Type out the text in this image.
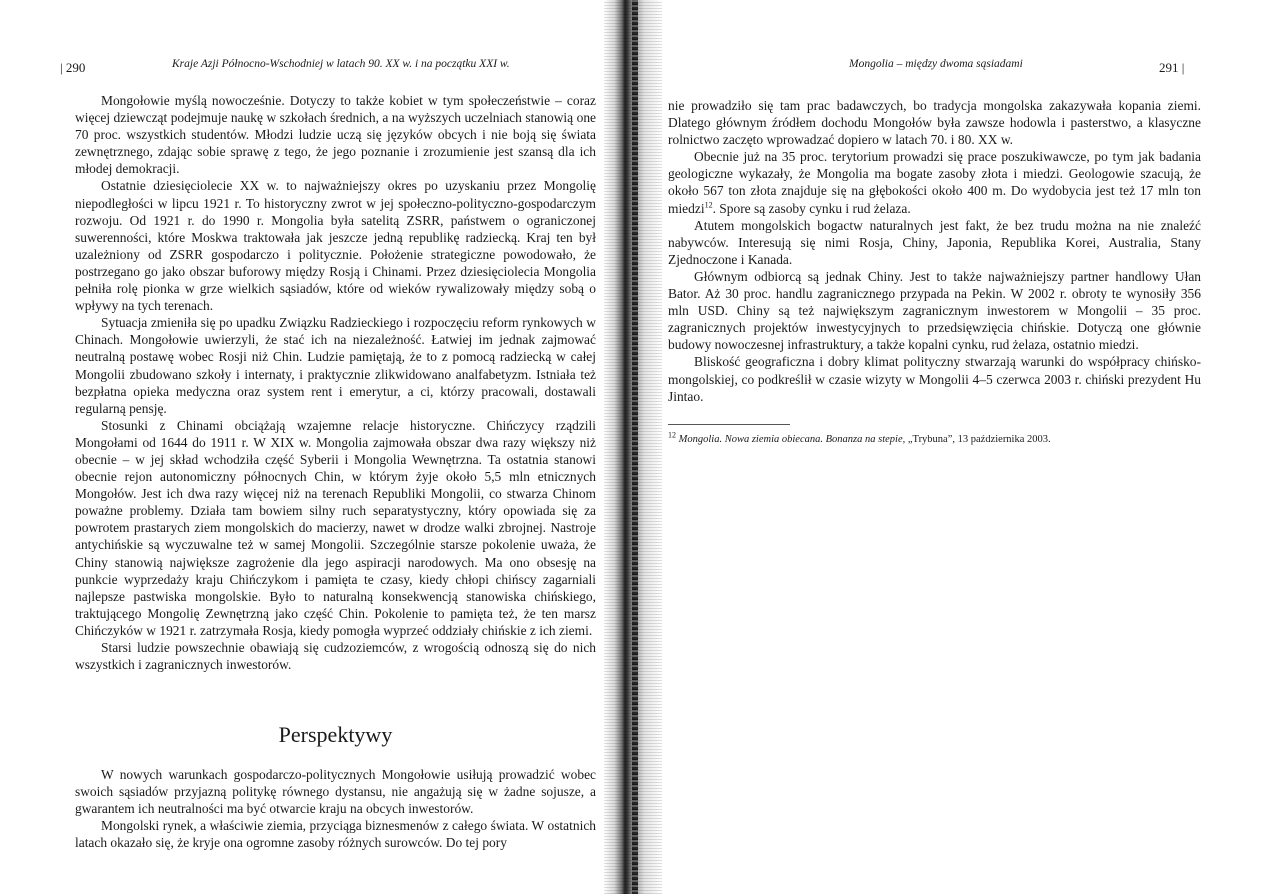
| 290	Kraje Azji Północno-Wschodniej w latach 90. XX w. i na początku XXI w.

Mongołowie myślą nowocześnie. Dotyczy to także kobiet w tym społeczeństwie – coraz więcej dziewcząt podejmuje naukę w szkołach średnich, a na wyższych uczelniach stanowią one 70 proc. wszystkich studentów. Młodzi ludzie uczą się języków obcych i nie boją się świata zewnętrznego, zdając sobie sprawę z tego, że jego poznanie i zrozumienie jest szansą dla ich młodej demokracji.

Ostatnie dziesięciolecie XX w. to najważniejszy okres po uzyskaniu przez Mongolię niepodległości w lipcu 1921 r. To historyczny zwrot w jej społeczno-polityczno-gospodarczym rozwoju. Od 1921 r. do 1990 r. Mongolia była satelitą ZSRR, państwem o ograniczonej suwerenności, które Moskwa traktowała jak jeszcze jedną republikę radziecką. Kraj ten był uzależniony od ZSRR gospodarczo i politycznie. Położenie strategiczne powodowało, że postrzegano go jako obszar buforowy między Rosją i Chinami. Przez dziesięciolecia Mongolia pełniła rolę pionka w grze wielkich sąsiadów, które od wieków rywalizowały między sobą o wpływy na tych terenach.

Sytuacja zmieniła się po upadku Związku Radzieckiego i rozpoczęciu reform rynkowych w Chinach. Mongołowie uwierzyli, że stać ich na niezależność. Łatwiej im jednak zajmować neutralną postawę wobec Rosji niż Chin. Ludzie pamiętają, że to z pomocą radziecką w całej Mongolii zbudowano szkoły i internaty, i praktycznie zlikwidowano analfabetyzm. Istniała też bezpłatna opieka medyczna oraz system rent i emerytur, a ci, którzy pracowali, dostawali regularną pensję.

Stosunki z Chinami obciążają wzajemne relacje historyczne. Chińczycy rządzili Mongołami od 1644 do 1911 r. W XIX w. Mongolia zajmowała obszar dwa razy większy niż obecnie – w jej skład wchodziła część Syberii i Mongolia Wewnętrzna. Ta ostatnia stanowi obecnie rejon autonomiczny północnych Chin, w którym żyje około 5,5 mln etnicznych Mongołów. Jest ich dwa razy więcej niż na terenach Republiki Mongolii, co stwarza Chinom poważne problemy. Działa tam bowiem silny ruch separatystyczny, który opowiada się za powrotem prastarych ziem mongolskich do macierzy, nawet w drodze walki zbrojnej. Nastroje antychińskie są wyczuwalne też w samej Mongolii. Szczególnie starsze pokolenie uważa, że Chiny stanowią największe zagrożenie dla jego aspiracji narodowych. Ma ono obsesję na punkcie wyprzedaży kraju Chińczykom i pamięta te czasy, kiedy chłopi chińscy zagarniali najlepsze pastwiska mongolskie. Było to naturalną konsekwencją stanowiska chińskiego, traktującego Mongolię Zewnętrzną jako część Chin. Pokolenie to pamięta też, że ten marsz Chińczyków w 1921 r. zatrzymała Rosja, kiedy pomogła wyprzeć oddziały chińskie z ich ziemi.

Starsi ludzie powszechnie obawiają się cudzoziemców, z wrogością odnoszą się do nich wszystkich i zagranicznych inwestorów.

Perspektywy

W nowych warunkach gospodarczo-politycznych Mongołowie usiłują prowadzić wobec swoich sąsiadów przyjazną politykę równego dystansu, nie angażują się w żadne sojusze, a gwarantem ich neutralności ma być otwarcie kraju na obcych inwestorów.

Mongolski rynek, a właściwie ziemia, przyciąga biznesmenów z całego świata. W ostatnich latach okazało się, że kryje ona ogromne zasoby różnych surowców. Do tej pory

Mongolia – między dwoma sąsiadami	291 |

nie prowadziło się tam prac badawczych, bo tradycja mongolska zakazywała kopania ziemi. Dlatego głównym źródłem dochodu Mongołów była zawsze hodowla i pasterstwo, a klasyczne rolnictwo zaczęto wprowadzać dopiero w latach 70. i 80. XX w.

Obecnie już na 35 proc. terytorium prowadzi się prace poszukiwawcze, po tym jak badania geologiczne wykazały, że Mongolia ma bogate zasoby złota i miedzi. Geologowie szacują, że około 567 ton złota znajduje się na głębokości około 400 m. Do wydobycia jest też 17 mln ton miedzi$^{12}$. Spore są zasoby cynku i rud żelaza.

Atutem mongolskich bogactw naturalnych jest fakt, że bez trudu można na nie znaleźć nabywców. Interesują się nimi Rosja, Chiny, Japonia, Republika Korei, Australia, Stany Zjednoczone i Kanada.

Głównym odbiorcą są jednak Chiny. Jest to także najważniejszy partner handlowy Ułan Bator. Aż 30 proc. handlu zagranicznego przypada na Pekin. W 2002 r. obroty te wynosiły 356 mln USD. Chiny są też największym zagranicznym inwestorem w Mongolii – 35 proc. zagranicznych projektów inwestycyjnych to przedsięwzięcia chińskie. Dotyczą one głównie budowy nowoczesnej infrastruktury, a także kopalni cynku, rud żelaza, ostatnio miedzi.

Bliskość geograficzna i dobry klimat polityczny stwarzają warunki do współpracy chińsko-mongolskiej, co podkreślił w czasie wizyty w Mongolii 4–5 czerwca 2003 r. chiński prezydent Hu Jintao.

$^{12}$ Mongolia. Nowa ziemia obiecana. Bonanza na stepie, „Trybuna”, 13 października 2003.
